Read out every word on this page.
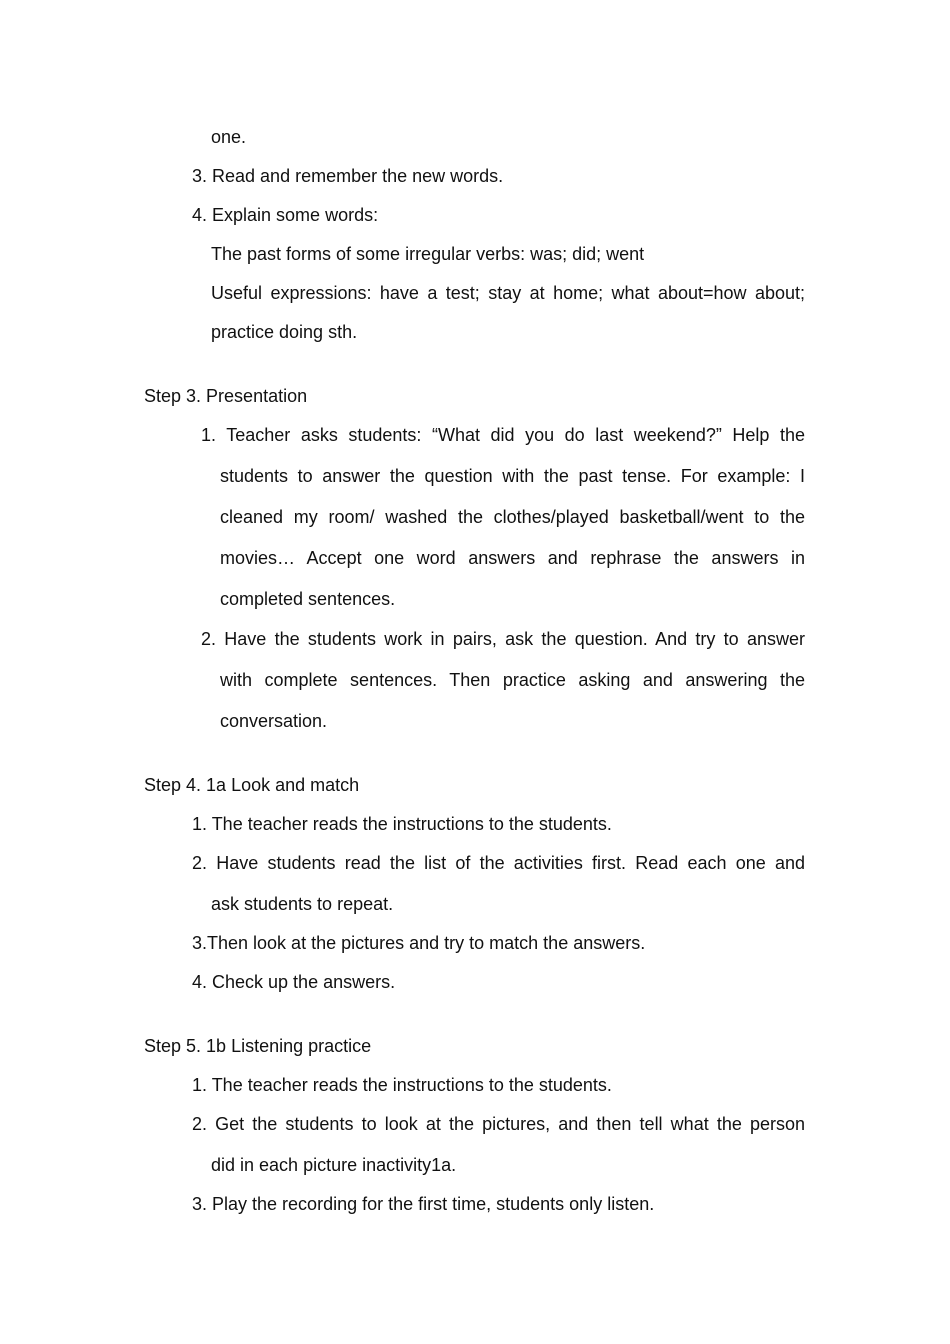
one.
3. Read and remember the new words.
4. Explain some words:
The past forms of some irregular verbs: was; did; went
Useful expressions: have a test; stay at home; what about=how about;
practice doing sth.
Step 3. Presentation
1. Teacher asks students: “What did you do last weekend?” Help the
students to answer the question with the past tense. For example: I
cleaned my room/ washed the clothes/played basketball/went to the
movies… Accept one word answers and rephrase the answers in
completed sentences.
2. Have the students work in pairs, ask the question. And try to answer
with complete sentences. Then practice asking and answering the
conversation.
Step 4. 1a Look and match
1. The teacher reads the instructions to the students.
2. Have students read the list of the activities first. Read each one and
ask students to repeat.
3.Then look at the pictures and try to match the answers.
4. Check up the answers.
Step 5. 1b Listening practice
1. The teacher reads the instructions to the students.
2. Get the students to look at the pictures, and then tell what the person
did in each picture inactivity1a.
3. Play the recording for the first time, students only listen.
